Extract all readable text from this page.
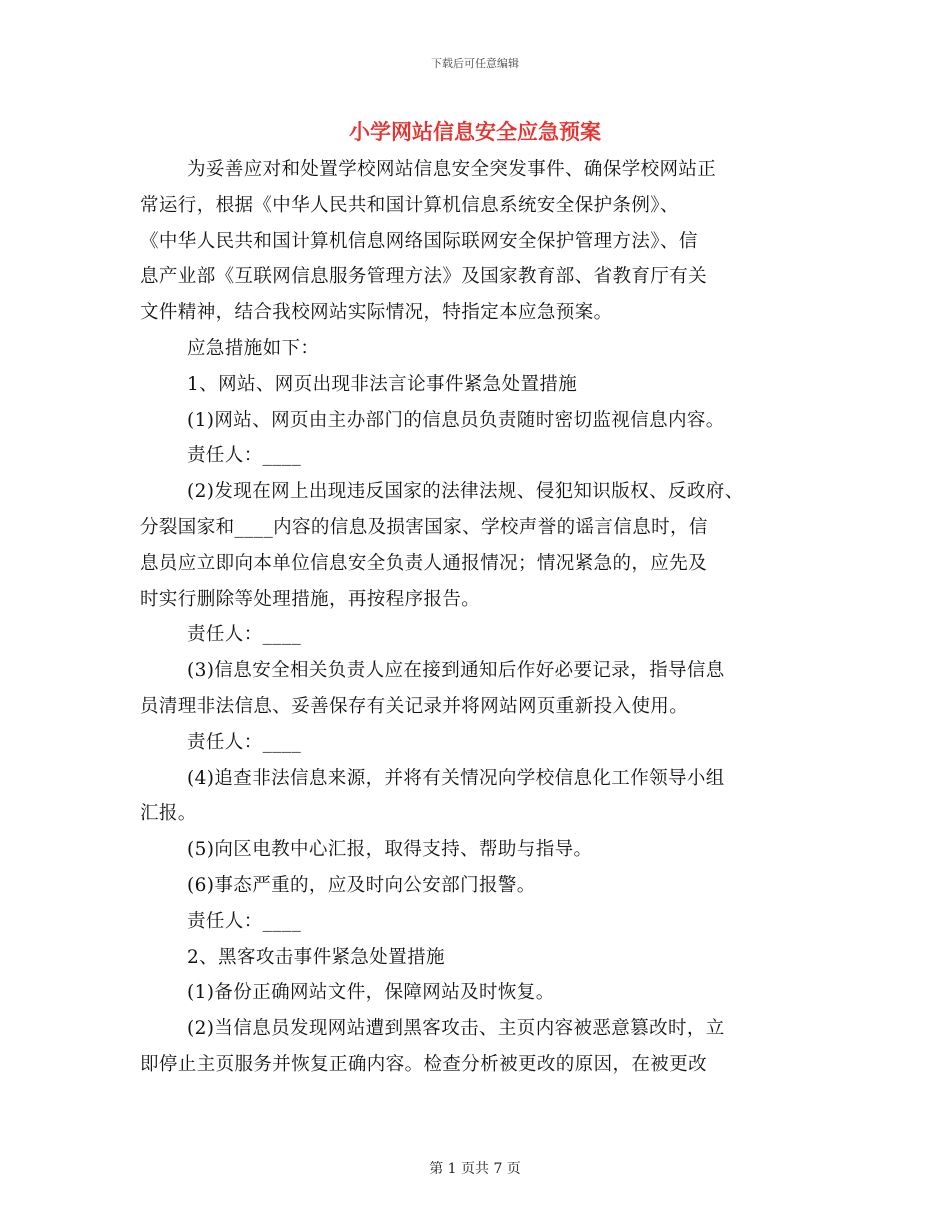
下载后可任意编辑
小学网站信息安全应急预案
为妥善应对和处置学校网站信息安全突发事件、确保学校网站正
常运行，根据《中华人民共和国计算机信息系统安全保护条例》、
《中华人民共和国计算机信息网络国际联网安全保护管理方法》、信
息产业部《互联网信息服务管理方法》及国家教育部、省教育厅有关
文件精神，结合我校网站实际情况，特指定本应急预案。
应急措施如下：
1、网站、网页出现非法言论事件紧急处置措施
(1)网站、网页由主办部门的信息员负责随时密切监视信息内容。
责任人：____
(2)发现在网上出现违反国家的法律法规、侵犯知识版权、反政府、
分裂国家和____内容的信息及损害国家、学校声誉的谣言信息时，信
息员应立即向本单位信息安全负责人通报情况；情况紧急的，应先及
时实行删除等处理措施，再按程序报告。
责任人：____
(3)信息安全相关负责人应在接到通知后作好必要记录，指导信息
员清理非法信息、妥善保存有关记录并将网站网页重新投入使用。
责任人：____
(4)追查非法信息来源，并将有关情况向学校信息化工作领导小组
汇报。
(5)向区电教中心汇报，取得支持、帮助与指导。
(6)事态严重的，应及时向公安部门报警。
责任人：____
2、黑客攻击事件紧急处置措施
(1)备份正确网站文件，保障网站及时恢复。
(2)当信息员发现网站遭到黑客攻击、主页内容被恶意篡改时，立
即停止主页服务并恢复正确内容。检查分析被更改的原因，在被更改
第 1 页共 7 页
